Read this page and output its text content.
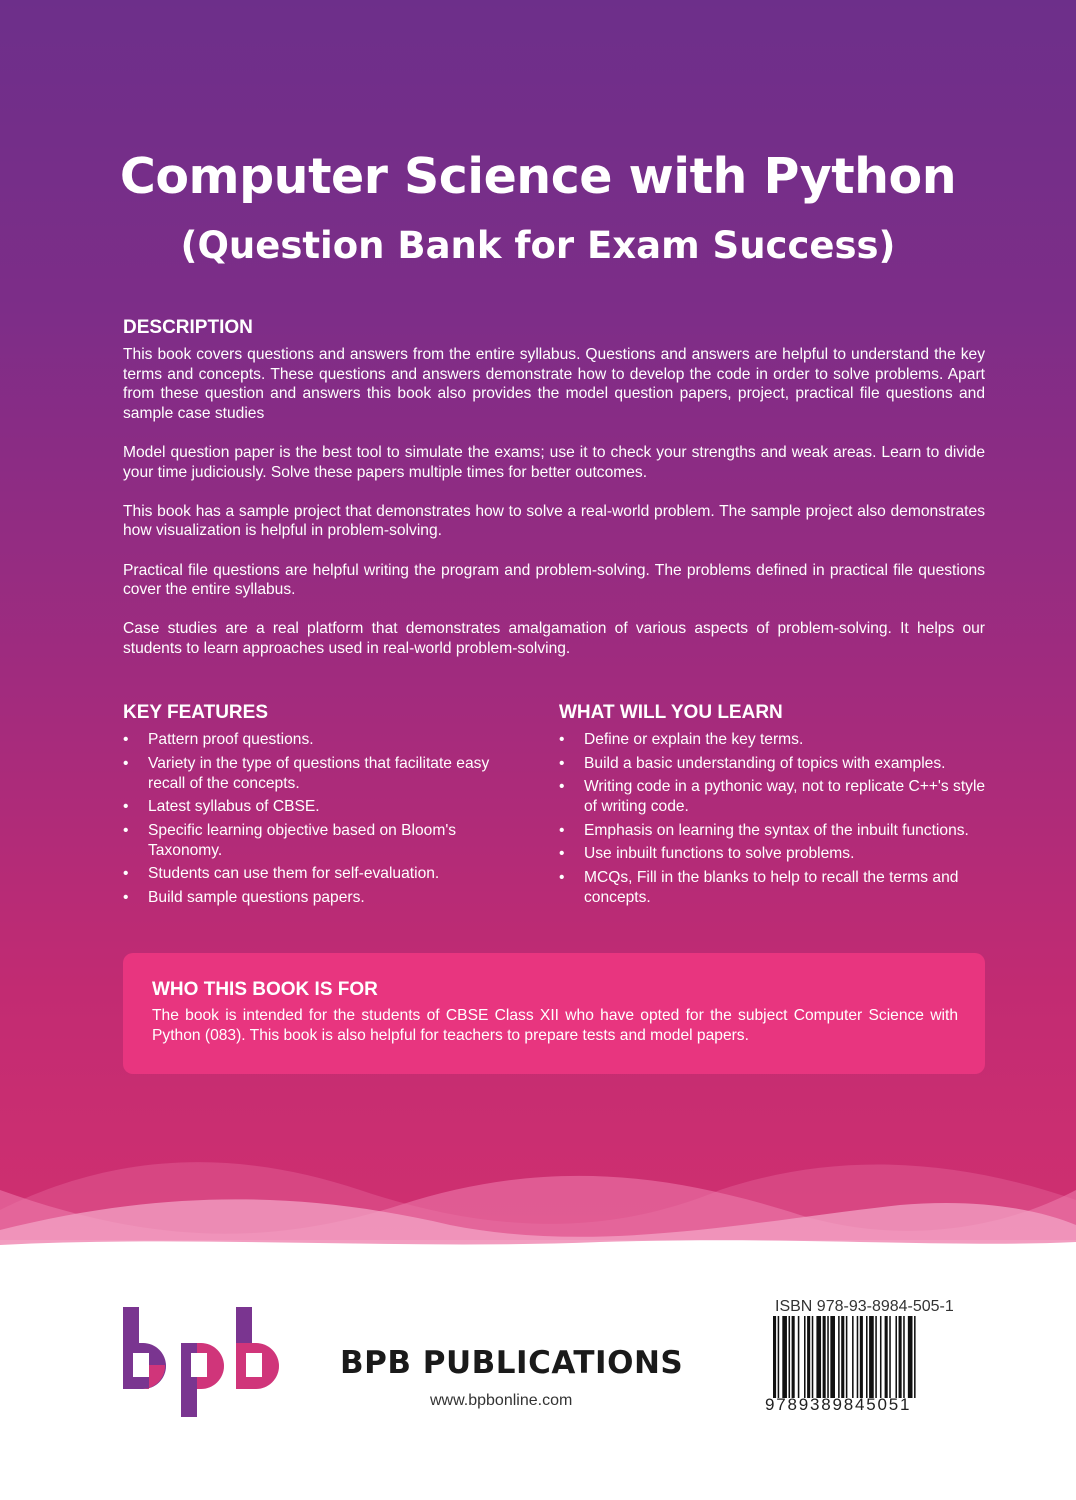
Computer Science with Python
(Question Bank for Exam Success)
DESCRIPTION

This book covers questions and answers from the entire syllabus. Questions and answers are helpful to understand the key terms and concepts. These questions and answers demonstrate how to develop the code in order to solve problems. Apart from these question and answers this book also provides the model question papers, project, practical file questions and sample case studies

Model question paper is the best tool to simulate the exams; use it to check your strengths and weak areas. Learn to divide your time judiciously. Solve these papers multiple times for better outcomes.

This book has a sample project that demonstrates how to solve a real-world problem. The sample project also demonstrates how visualization is helpful in problem-solving.

Practical file questions are helpful writing the program and problem-solving. The problems defined in practical file questions cover the entire syllabus.

Case studies are a real platform that demonstrates amalgamation of various aspects of problem-solving. It helps our students to learn approaches used in real-world problem-solving.

KEY FEATURES
• Pattern proof questions.
• Variety in the type of questions that facilitate easy recall of the concepts.
• Latest syllabus of CBSE.
• Specific learning objective based on Bloom's Taxonomy.
• Students can use them for self-evaluation.
• Build sample questions papers.
WHAT WILL YOU LEARN
• Define or explain the key terms.
• Build a basic understanding of topics with examples.
• Writing code in a pythonic way, not to replicate C++'s style of writing code.
• Emphasis on learning the syntax of the inbuilt functions.
• Use inbuilt functions to solve problems.
• MCQs, Fill in the blanks to help to recall the terms and concepts.
WHO THIS BOOK IS FOR

The book is intended for the students of CBSE Class XII who have opted for the subject Computer Science with Python (083). This book is also helpful for teachers to prepare tests and model papers.

BPB PUBLICATIONS

www.bpbonline.com

ISBN 978-93-8984-505-1

9789389845051
